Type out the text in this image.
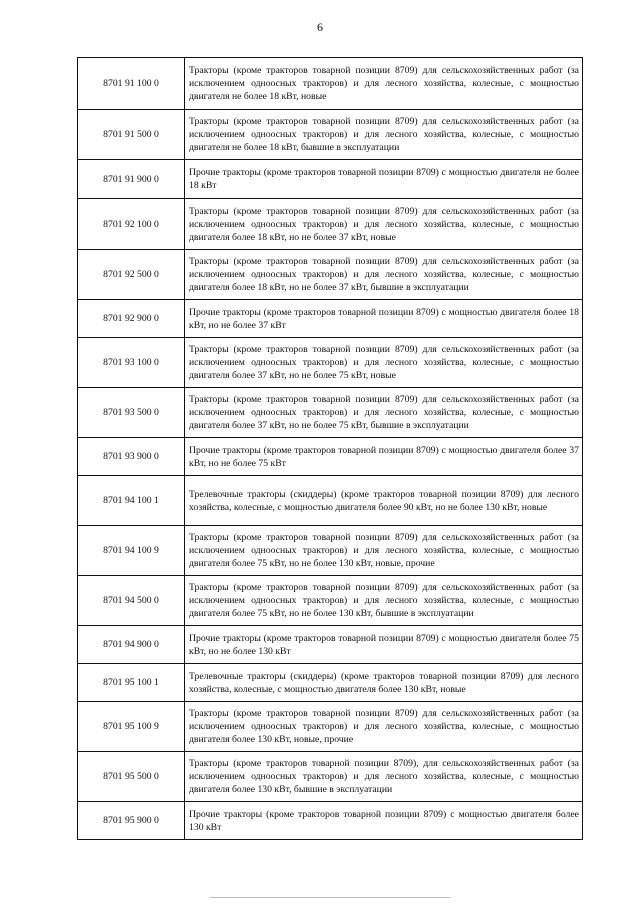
6
8701 91 100 0	Тракторы (кроме тракторов товарной позиции 8709) для сельскохозяйственных работ (за исключением одноосных тракторов) и для лесного хозяйства, колесные, с мощностью двигателя не более 18 кВт, новые
8701 91 500 0	Тракторы (кроме тракторов товарной позиции 8709) для сельскохозяйственных работ (за исключением одноосных тракторов) и для лесного хозяйства, колесные, с мощностью двигателя не более 18 кВт, бывшие в эксплуатации
8701 91 900 0	Прочие тракторы (кроме тракторов товарной позиции 8709) с мощностью двигателя не более 18 кВт
8701 92 100 0	Тракторы (кроме тракторов товарной позиции 8709) для сельскохозяйственных работ (за исключением одноосных тракторов) и для лесного хозяйства, колесные, с мощностью двигателя более 18 кВт, но не более 37 кВт, новые
8701 92 500 0	Тракторы (кроме тракторов товарной позиции 8709) для сельскохозяйственных работ (за исключением одноосных тракторов) и для лесного хозяйства, колесные, с мощностью двигателя более 18 кВт, но не более 37 кВт, бывшие в эксплуатации
8701 92 900 0	Прочие тракторы (кроме тракторов товарной позиции 8709) с мощностью двигателя более 18 кВт, но не более 37 кВт
8701 93 100 0	Тракторы (кроме тракторов товарной позиции 8709) для сельскохозяйственных работ (за исключением одноосных тракторов) и для лесного хозяйства, колесные, с мощностью двигателя более 37 кВт, но не более 75 кВт, новые
8701 93 500 0	Тракторы (кроме тракторов товарной позиции 8709) для сельскохозяйственных работ (за исключением одноосных тракторов) и для лесного хозяйства, колесные, с мощностью двигателя более 37 кВт, но не более 75 кВт, бывшие в эксплуатации
8701 93 900 0	Прочие тракторы (кроме тракторов товарной позиции 8709) с мощностью двигателя более 37 кВт, но не более 75 кВт
8701 94 100 1	Трелевочные тракторы (скиддеры) (кроме тракторов товарной позиции 8709) для лесного хозяйства, колесные, с мощностью двигателя более 90 кВт, но не более 130 кВт, новые
8701 94 100 9	Тракторы (кроме тракторов товарной позиции 8709) для сельскохозяйственных работ (за исключением одноосных тракторов) и для лесного хозяйства, колесные, с мощностью двигателя более 75 кВт, но не более 130 кВт, новые, прочие
8701 94 500 0	Тракторы (кроме тракторов товарной позиции 8709) для сельскохозяйственных работ (за исключением одноосных тракторов) и для лесного хозяйства, колесные, с мощностью двигателя более 75 кВт, но не более 130 кВт, бывшие в эксплуатации
8701 94 900 0	Прочие тракторы (кроме тракторов товарной позиции 8709) с мощностью двигателя более 75 кВт, но не более 130 кВт
8701 95 100 1	Трелевочные тракторы (скиддеры) (кроме тракторов товарной позиции 8709) для лесного хозяйства, колесные, с мощностью двигателя более 130 кВт, новые
8701 95 100 9	Тракторы (кроме тракторов товарной позиции 8709) для сельскохозяйственных работ (за исключением одноосных тракторов) и для лесного хозяйства, колесные, с мощностью двигателя более 130 кВт, новые, прочие
8701 95 500 0	Тракторы (кроме тракторов товарной позиции 8709), для сельскохозяйственных работ (за исключением одноосных тракторов) и для лесного хозяйства, колесные, с мощностью двигателя более 130 кВт, бывшие в эксплуатации
8701 95 900 0	Прочие тракторы (кроме тракторов товарной позиции 8709) с мощностью двигателя более 130 кВт
